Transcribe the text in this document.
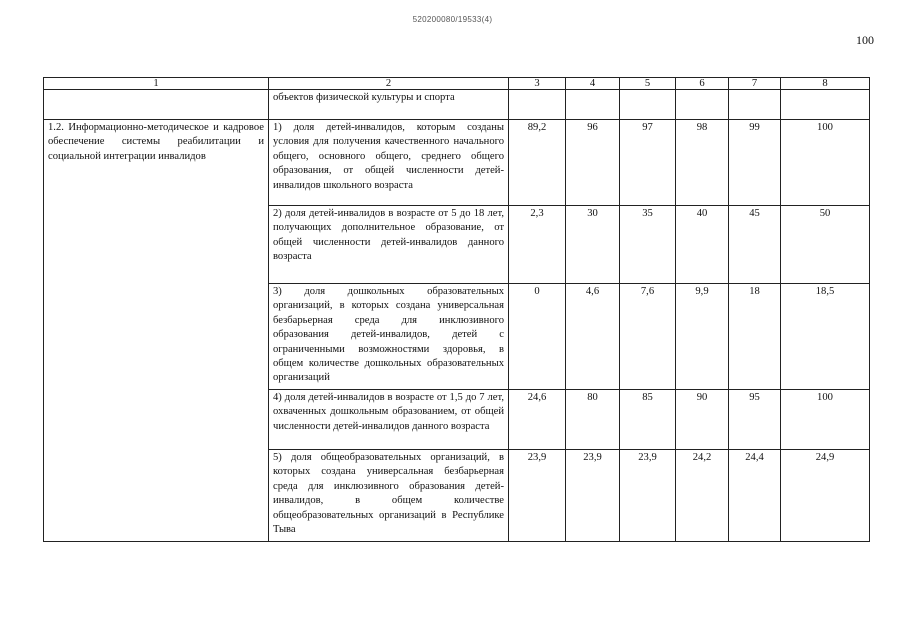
520200080/19533(4)
100
1	2	3	4	5	6	7	8
	объектов физической культуры и спорта						
1.2. Информационно-методическое и кадровое обеспечение системы реабилитации и социальной интеграции инвалидов	1) доля детей-инвалидов, которым созданы условия для получения качественного начального общего, основного общего, среднего общего образования, от общей численности детей-инвалидов школьного возраста	89,2	96	97	98	99	100
	2) доля детей-инвалидов в возрасте от 5 до 18 лет, получающих дополнительное образование, от общей численности детей-инвалидов данного возраста	2,3	30	35	40	45	50
	3) доля дошкольных образовательных организаций, в которых создана универсальная безбарьерная среда для инклюзивного образования детей-инвалидов, детей с ограниченными возможностями здоровья, в общем количестве дошкольных образовательных организаций	0	4,6	7,6	9,9	18	18,5
	4) доля детей-инвалидов в возрасте от 1,5 до 7 лет, охваченных дошкольным образованием, от общей численности детей-инвалидов данного возраста	24,6	80	85	90	95	100
	5) доля общеобразовательных организаций, в которых создана универсальная безбарьерная среда для инклюзивного образования детей-инвалидов, в общем количестве общеобразовательных организаций в Республике Тыва	23,9	23,9	23,9	24,2	24,4	24,9
